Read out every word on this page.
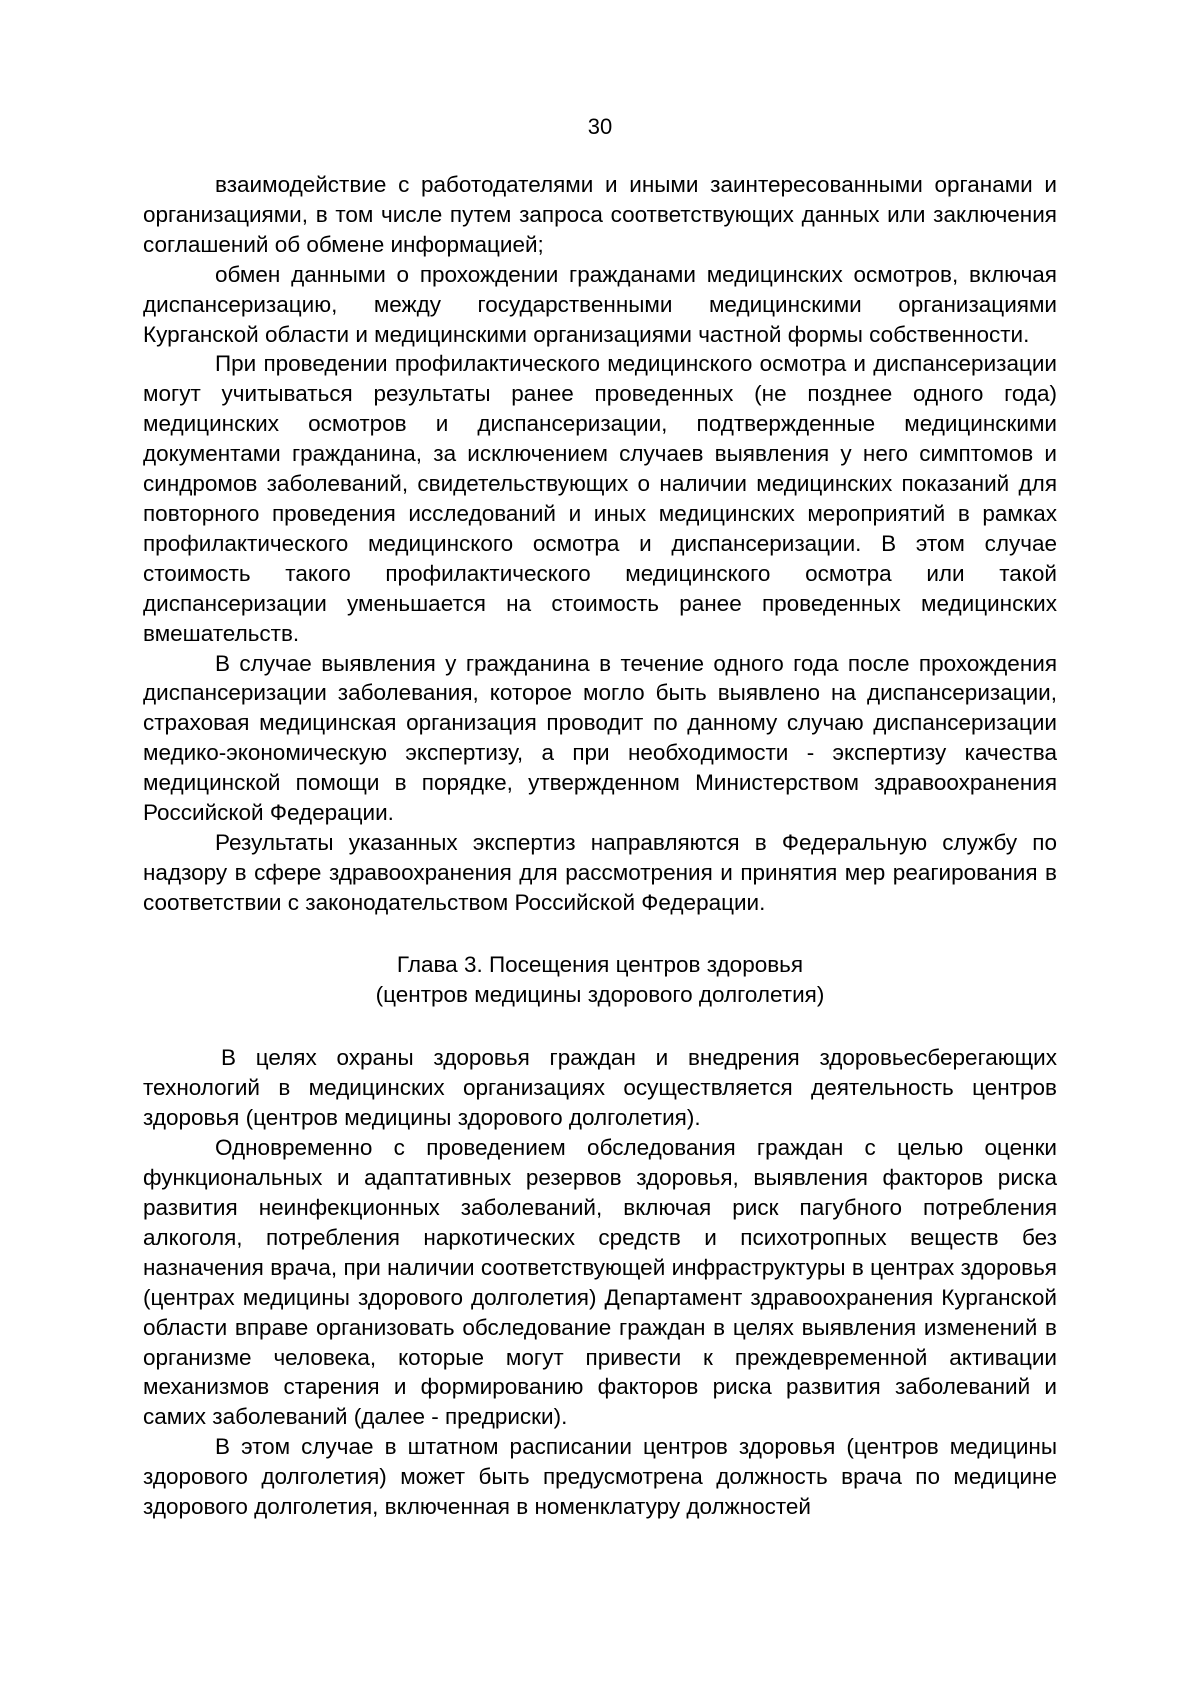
30

взаимодействие с работодателями и иными заинтересованными органами и организациями, в том числе путем запроса соответствующих данных или заключения соглашений об обмене информацией;

обмен данными о прохождении гражданами медицинских осмотров, включая диспансеризацию, между государственными медицинскими организациями Курганской области и медицинскими организациями частной формы собственности.

При проведении профилактического медицинского осмотра и диспансеризации могут учитываться результаты ранее проведенных (не позднее одного года) медицинских осмотров и диспансеризации, подтвержденные медицинскими документами гражданина, за исключением случаев выявления у него симптомов и синдромов заболеваний, свидетельствующих о наличии медицинских показаний для повторного проведения исследований и иных медицинских мероприятий в рамках профилактического медицинского осмотра и диспансеризации. В этом случае стоимость такого профилактического медицинского осмотра или такой диспансеризации уменьшается на стоимость ранее проведенных медицинских вмешательств.

В случае выявления у гражданина в течение одного года после прохождения диспансеризации заболевания, которое могло быть выявлено на диспансеризации, страховая медицинская организация проводит по данному случаю диспансеризации медико-экономическую экспертизу, а при необходимости - экспертизу качества медицинской помощи в порядке, утвержденном Министерством здравоохранения Российской Федерации.

Результаты указанных экспертиз направляются в Федеральную службу по надзору в сфере здравоохранения для рассмотрения и принятия мер реагирования в соответствии с законодательством Российской Федерации.

Глава 3. Посещения центров здоровья
(центров медицины здорового долголетия)

В целях охраны здоровья граждан и внедрения здоровьесберегающих технологий в медицинских организациях осуществляется деятельность центров здоровья (центров медицины здорового долголетия).

Одновременно с проведением обследования граждан с целью оценки функциональных и адаптативных резервов здоровья, выявления факторов риска развития неинфекционных заболеваний, включая риск пагубного потребления алкоголя, потребления наркотических средств и психотропных веществ без назначения врача, при наличии соответствующей инфраструктуры в центрах здоровья (центрах медицины здорового долголетия) Департамент здравоохранения Курганской области вправе организовать обследование граждан в целях выявления изменений в организме человека, которые могут привести к преждевременной активации механизмов старения и формированию факторов риска развития заболеваний и самих заболеваний (далее - предриски).

В этом случае в штатном расписании центров здоровья (центров медицины здорового долголетия) может быть предусмотрена должность врача по медицине здорового долголетия, включенная в номенклатуру должностей
